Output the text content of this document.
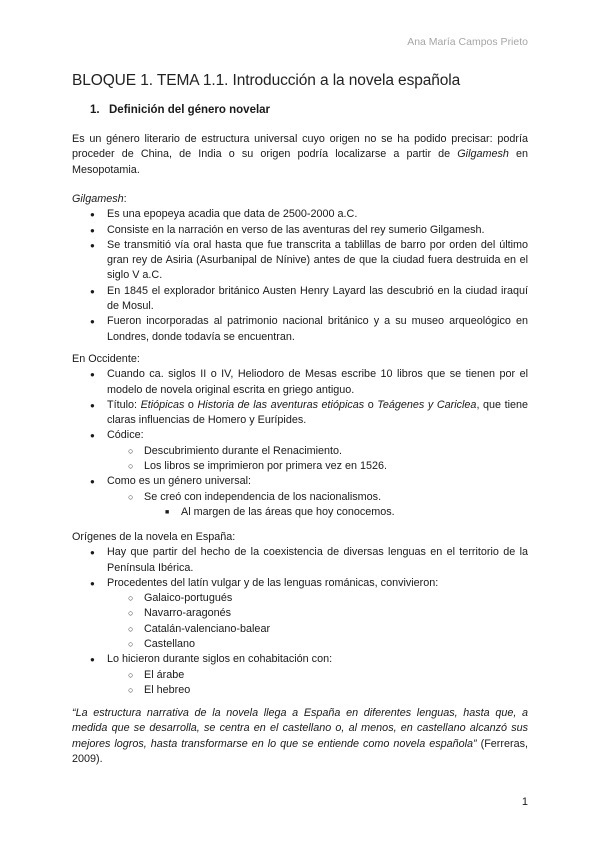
Ana María Campos Prieto
BLOQUE 1. TEMA 1.1. Introducción a la novela española
1. Definición del género novelar
Es un género literario de estructura universal cuyo origen no se ha podido precisar: podría proceder de China, de India o su origen podría localizarse a partir de Gilgamesh en Mesopotamia.

Gilgamesh:

● Es una epopeya acadia que data de 2500-2000 a.C.
● Consiste en la narración en verso de las aventuras del rey sumerio Gilgamesh.
● Se transmitió vía oral hasta que fue transcrita a tablillas de barro por orden del último gran rey de Asiria (Asurbanipal de Nínive) antes de que la ciudad fuera destruida en el siglo V a.C.
● En 1845 el explorador británico Austen Henry Layard las descubrió en la ciudad iraquí de Mosul.
● Fueron incorporadas al patrimonio nacional británico y a su museo arqueológico en Londres, donde todavía se encuentran.

En Occidente:

● Cuando ca. siglos II o IV, Heliodoro de Mesas escribe 10 libros que se tienen por el modelo de novela original escrita en griego antiguo.
● Título: Etiópicas o Historia de las aventuras etiópicas o Teágenes y Cariclea, que tiene claras influencias de Homero y Eurípides.
● Códice:
○ Descubrimiento durante el Renacimiento.
○ Los libros se imprimieron por primera vez en 1526.
● Como es un género universal:
○ Se creó con independencia de los nacionalismos.
■ Al margen de las áreas que hoy conocemos.

Orígenes de la novela en España:

● Hay que partir del hecho de la coexistencia de diversas lenguas en el territorio de la Península Ibérica.
● Procedentes del latín vulgar y de las lenguas románicas, convivieron:
○ Galaico-portugués
○ Navarro-aragonés
○ Catalán-valenciano-balear
○ Castellano
● Lo hicieron durante siglos en cohabitación con:
○ El árabe
○ El hebreo
“La estructura narrativa de la novela llega a España en diferentes lenguas, hasta que, a medida que se desarrolla, se centra en el castellano o, al menos, en castellano alcanzó sus mejores logros, hasta transformarse en lo que se entiende como novela española” (Ferreras, 2009).
1
